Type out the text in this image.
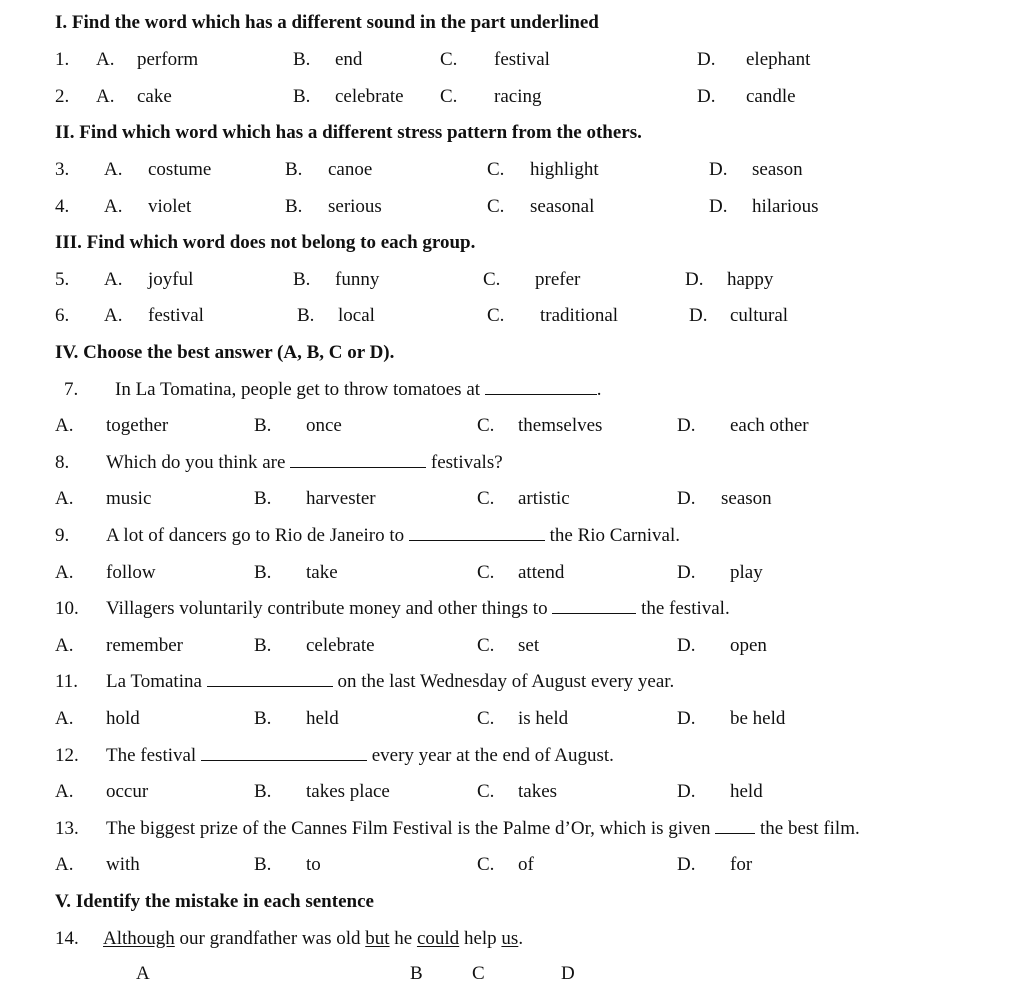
I. Find the word which has a different sound in the part underlined
1. A. perform	B. end	C. festival	D. elephant
2. A. cake	B. celebrate C. racing	D. candle
II. Find which word which has a different stress pattern from the others.
3. A. costume	B. canoe	C. highlight	D. season
4. A. violet	B. serious	C. seasonal	D. hilarious
III. Find which word does not belong to each group.
5. A. joyful	B. funny	C. prefer	D. happy
6. A. festival	B. local	C. traditional	D. cultural
IV. Choose the best answer (A, B, C or D).
7. In La Tomatina, people get to throw tomatoes at	.
A. together	B. once	C. themselves	D. each other
8. Which do you think are	festivals?
A. music	B. harvester	C. artistic	D. season
9. A lot of dancers go to Rio de Janeiro to	the Rio Carnival.
A. follow	B. take	C. attend	D. play
10. Villagers voluntarily contribute money and other things to	the festival.
A. remember	B. celebrate	C. set	D. open
11. La Tomatina	on the last Wednesday of August every year.
A. hold	B. held	C. is held	D. be held
12. The festival	every year at the end of August.
A. occur	B. takes place	C. takes	D. held
13. The biggest prize of the Cannes Film Festival is the Palme d’Or, which is given	the best film.
A. with	B. to	C. of	D. for
V. Identify the mistake in each sentence
14. Although our grandfather was old but he could help us.
A	B	C	D
